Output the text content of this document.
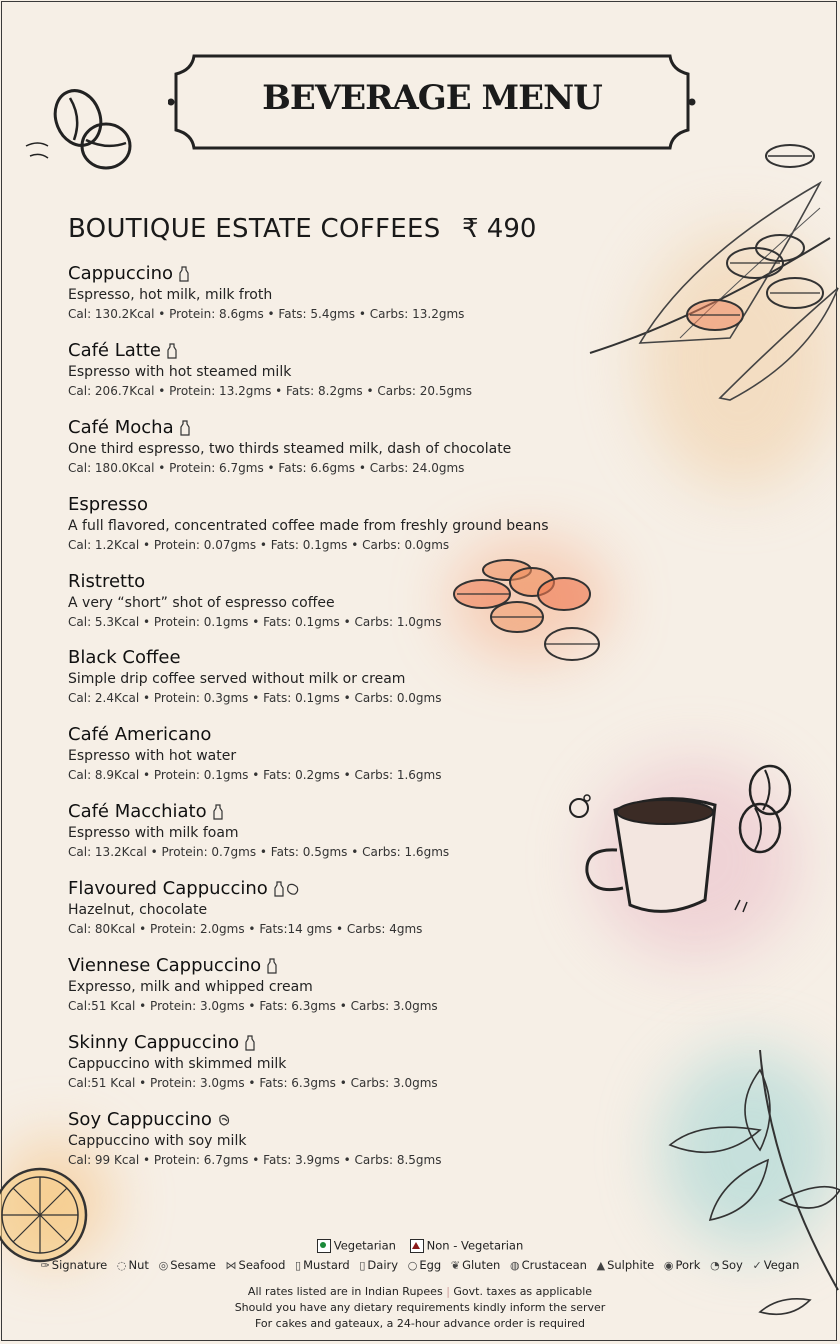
BEVERAGE MENU
BOUTIQUE ESTATE COFFEES ₹ 490
Cappuccino
Espresso, hot milk, milk froth
Cal: 130.2Kcal • Protein: 8.6gms • Fats: 5.4gms • Carbs: 13.2gms
Café Latte
Espresso with hot steamed milk
Cal: 206.7Kcal • Protein: 13.2gms • Fats: 8.2gms • Carbs: 20.5gms
Café Mocha
One third espresso, two thirds steamed milk, dash of chocolate
Cal: 180.0Kcal • Protein: 6.7gms • Fats: 6.6gms • Carbs: 24.0gms
Espresso
A full flavored, concentrated coffee made from freshly ground beans
Cal: 1.2Kcal • Protein: 0.07gms • Fats: 0.1gms • Carbs: 0.0gms
Ristretto
A very “short” shot of espresso coffee
Cal: 5.3Kcal • Protein: 0.1gms • Fats: 0.1gms • Carbs: 1.0gms
Black Coffee
Simple drip coffee served without milk or cream
Cal: 2.4Kcal • Protein: 0.3gms • Fats: 0.1gms • Carbs: 0.0gms
Café Americano
Espresso with hot water
Cal: 8.9Kcal • Protein: 0.1gms • Fats: 0.2gms • Carbs: 1.6gms
Café Macchiato
Espresso with milk foam
Cal: 13.2Kcal • Protein: 0.7gms • Fats: 0.5gms • Carbs: 1.6gms
Flavoured Cappuccino
Hazelnut, chocolate
Cal: 80Kcal • Protein: 2.0gms • Fats:14 gms • Carbs: 4gms
Viennese Cappuccino
Expresso, milk and whipped cream
Cal:51 Kcal • Protein: 3.0gms • Fats: 6.3gms • Carbs: 3.0gms
Skinny Cappuccino
Cappuccino with skimmed milk
Cal:51 Kcal • Protein: 3.0gms • Fats: 6.3gms • Carbs: 3.0gms
Soy Cappuccino
Cappuccino with soy milk
Cal: 99 Kcal • Protein: 6.7gms • Fats: 3.9gms • Carbs: 8.5gms
Vegetarian	Non - Vegetarian
✑ Signature ◌ Nut ◎ Sesame ⋈ Seafood ▯ Mustard ▯ Dairy ○ Egg ❦ Gluten ◍ Crustacean ▲ Sulphite ◉ Pork ◔ Soy ✓ Vegan
All rates listed are in Indian Rupees | Govt. taxes as applicable
Should you have any dietary requirements kindly inform the server
For cakes and gateaux, a 24-hour advance order is required
